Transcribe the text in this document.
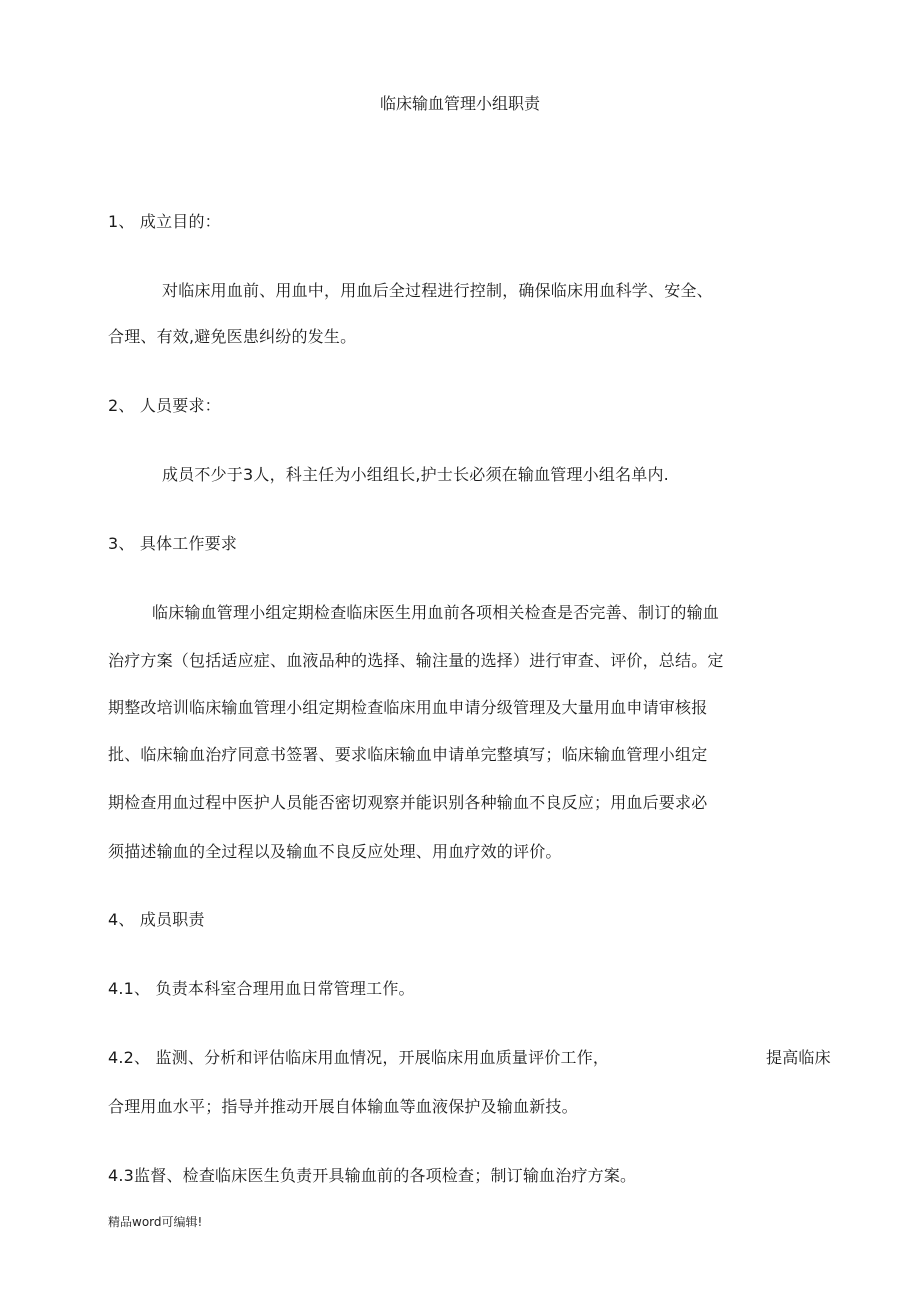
临床输血管理小组职责
1、 成立目的：
对临床用血前、用血中，用血后全过程进行控制，确保临床用血科学、安全、
合理、有效,避免医患纠纷的发生。
2、 人员要求：
成员不少于3人，科主任为小组组长,护士长必须在输血管理小组名单内.
3、 具体工作要求
临床输血管理小组定期检查临床医生用血前各项相关检查是否完善、制订的输血
治疗方案（包括适应症、血液品种的选择、输注量的选择）进行审查、评价，总结。定
期整改培训临床输血管理小组定期检查临床用血申请分级管理及大量用血申请审核报
批、临床输血治疗同意书签署、要求临床输血申请单完整填写；临床输血管理小组定
期检查用血过程中医护人员能否密切观察并能识别各种输血不良反应；用血后要求必
须描述输血的全过程以及输血不良反应处理、用血疗效的评价。
4、 成员职责
4.1、 负责本科室合理用血日常管理工作。
4.2、 监测、分析和评估临床用血情况，开展临床用血质量评价工作，	提高临床
合理用血水平；指导并推动开展自体输血等血液保护及输血新技。
4.3监督、检查临床医生负责开具输血前的各项检查；制订输血治疗方案。
精品word可编辑!
